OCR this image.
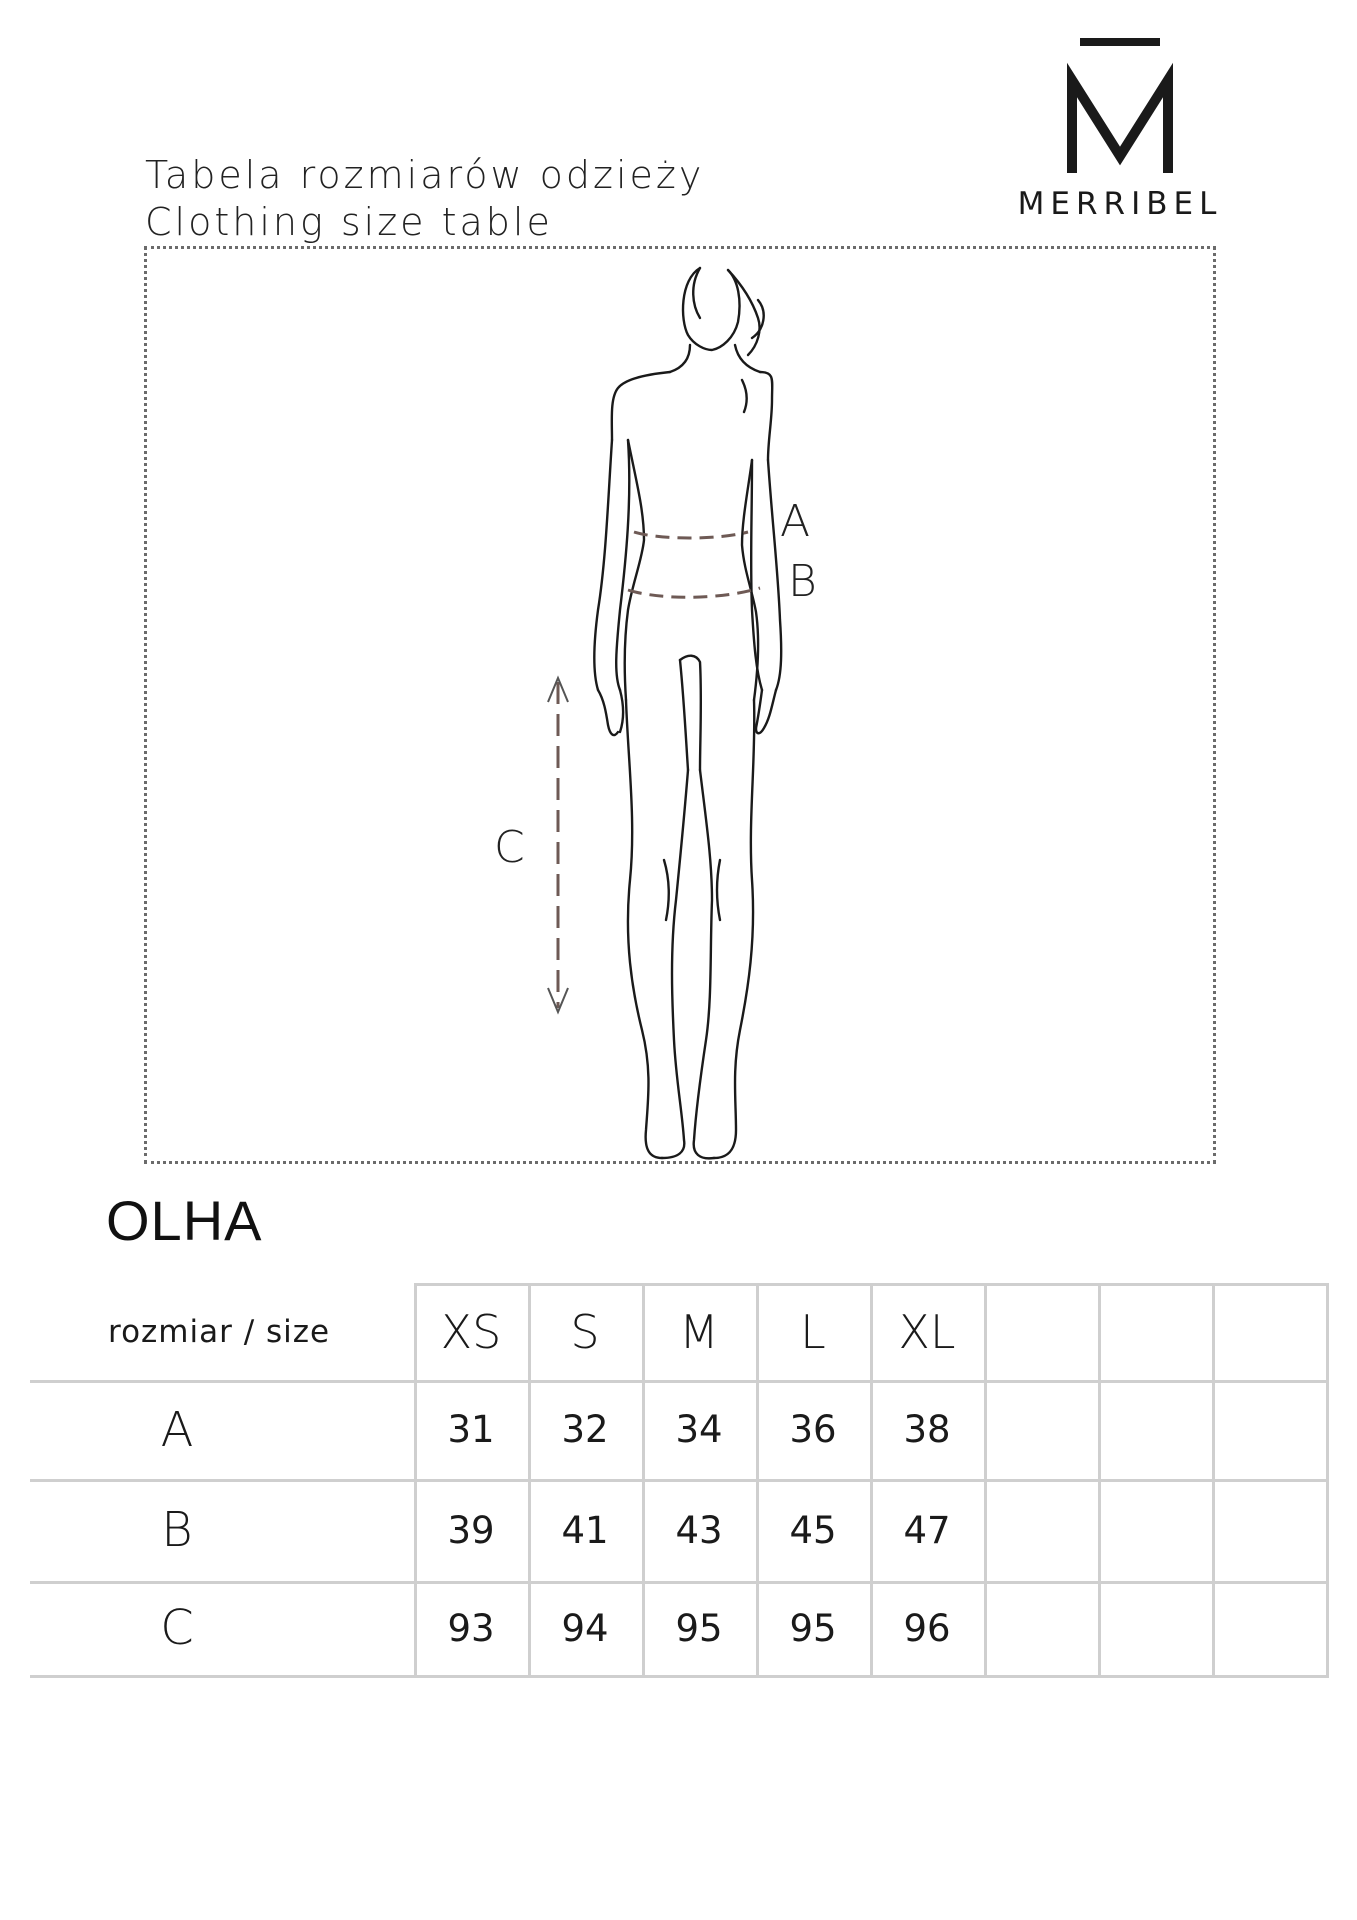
Tabela rozmiarów odzieży
Clothing size table	MERRIBEL
A
B
C
OLHA
rozmiar / size	XS	S	M	L	XL
A	31	32	34	36	38
B	39	41	43	45	47
C	93	94	95	95	96
